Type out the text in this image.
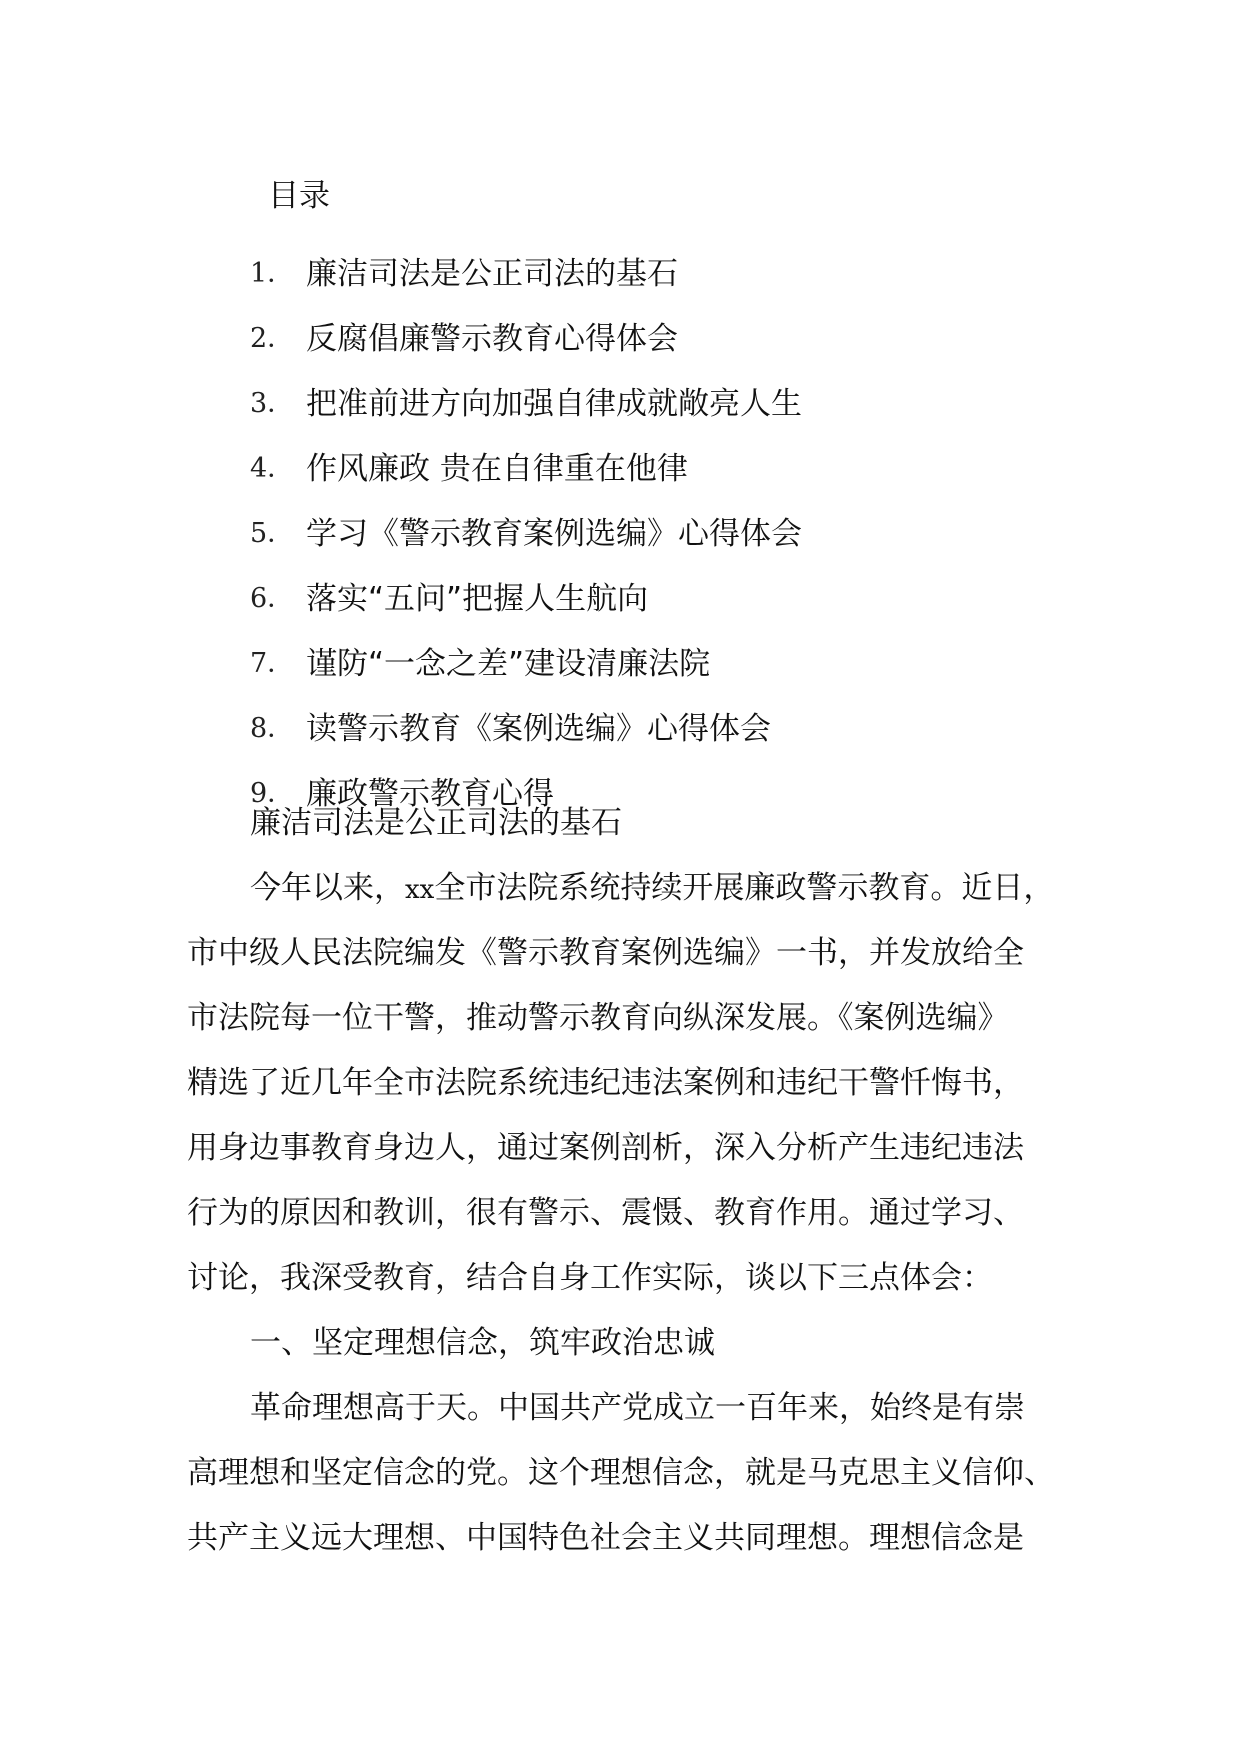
目录
1． 廉洁司法是公正司法的基石
2． 反腐倡廉警示教育心得体会
3． 把准前进方向加强自律成就敞亮人生
4． 作风廉政 贵在自律重在他律
5． 学习《警示教育案例选编》心得体会
6． 落实“五问”把握人生航向
7． 谨防“一念之差”建设清廉法院
8． 读警示教育《案例选编》心得体会
9． 廉政警示教育心得
廉洁司法是公正司法的基石
今年以来，xx全市法院系统持续开展廉政警示教育。近日，
市中级人民法院编发《警示教育案例选编》一书，并发放给全
市法院每一位干警，推动警示教育向纵深发展。《案例选编》
精选了近几年全市法院系统违纪违法案例和违纪干警忏悔书，
用身边事教育身边人，通过案例剖析，深入分析产生违纪违法
行为的原因和教训，很有警示、震慑、教育作用。通过学习、
讨论，我深受教育，结合自身工作实际，谈以下三点体会：
一、坚定理想信念，筑牢政治忠诚
革命理想高于天。中国共产党成立一百年来，始终是有崇
高理想和坚定信念的党。这个理想信念，就是马克思主义信仰、
共产主义远大理想、中国特色社会主义共同理想。理想信念是
